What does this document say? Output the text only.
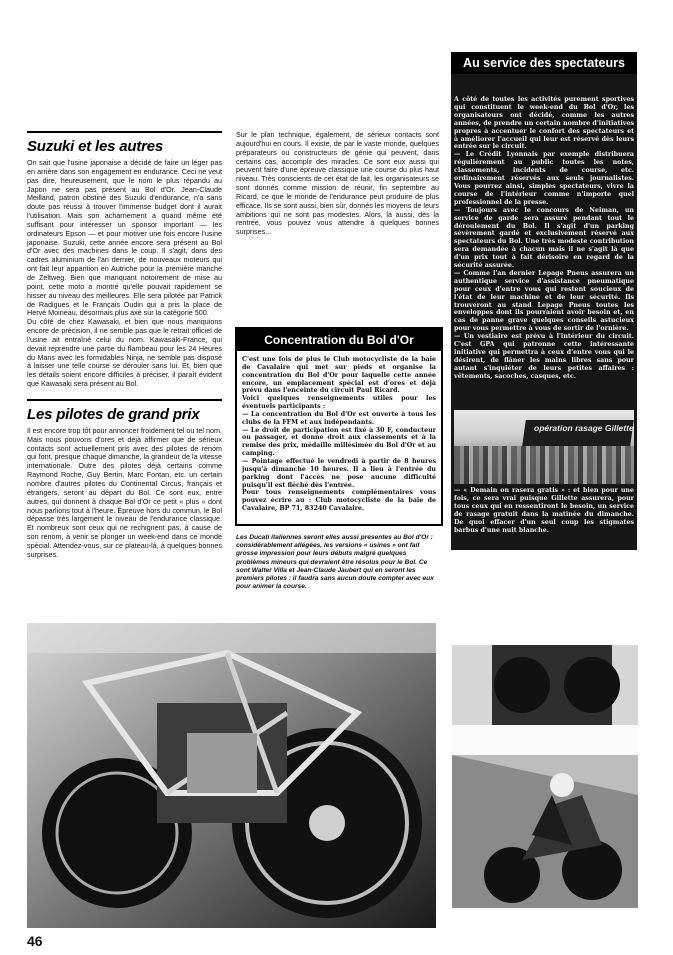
Suzuki et les autres

On sait que l'usine japonaise a décidé de faire un léger pas en arrière dans son engagement en endurance. Ceci ne veut pas dire, heureusement, que le nom le plus répandu au Japon ne sera pas présent au Bol d'Or. Jean-Claude Meilland, patron obstiné des Suzuki d'endurance, n'a sans doute pas réussi à trouver l'immense budget dont il aurait l'utilisation. Mais son acharnement a quand même été suffisant pour intéresser un sponsor important — les ordinateurs Epson — et pour motiver une fois encore l'usine japonaise. Suzuki, cette année encore sera présent au Bol d'Or avec des machines dans le coup. Il s'agit, dans des cadres aluminium de l'an dernier, de nouveaux moteurs qui ont fait leur apparition en Autriche pour la première manche de Zeltweg. Bien que manquant notoirement de mise au point, cette moto a montré qu'elle pouvait rapidement se hisser au niveau des meilleures. Elle sera pilotée par Patrick de Radigues et le Français Oudin qui a pris la place de Hervé Moineau, désormais plus axé sur la catégorie 500.

Du côté de chez Kawasaki, et bien que nous manquions encore de précision, il ne semble pas que le retrait officiel de l'usine ait entraîné celui du nom. Kawasaki-France, qui devait reprendre une partie du flambeau pour les 24 Heures du Mans avec les formidables Ninja, ne semble pas disposé à laisser une telle course se dérouler sans lui. Et, bien que les détails soient encore difficiles à préciser, il paraît évident que Kawasaki sera présent au Bol.

Les pilotes de grand prix

Il est encore trop tôt pour annoncer froidement tel ou tel nom. Mais nous pouvons d'ores et déjà affirmer que de sérieux contacts sont actuellement pris avec des pilotes de renom qui font, presque chaque dimanche, la grandeur de la vitesse internationale. Outre des pilotes déjà certains comme Raymond Roche, Guy Bertin, Marc Fontan, etc. un certain nombre d'autres pilotes du Continental Circus, français et étrangers, seront au départ du Bol. Ce sont eux, entre autres, qui donnent à chaque Bol d'Or ce petit « plus » dont nous parlions tout à l'heure. Épreuve hors du commun, le Bol dépasse très largement le niveau de l'endurance classique. Et nombreux sont ceux qui ne rechignent pas, à cause de son renom, à venir se plonger un week-end dans ce monde spécial. Attendez-vous, sur ce plateau-là, à quelques bonnes surprises.

Sur le plan technique, également, de sérieux contacts sont aujourd'hui en cours. Il existe, de par le vaste monde, quelques préparateurs ou constructeurs de génie qui peuvent, dans certains cas, accomplir des miracles. Ce sont eux aussi qui peuvent faire d'une épreuve classique une course du plus haut niveau. Très conscients de cet état de fait, les organisateurs se sont donnés comme mission de réunir, fin septembre au Ricard, ce que le monde de l'endurance peut produire de plus efficace. Ils se sont aussi, bien sûr, donnés les moyens de leurs ambitions qui ne sont pas modestes. Alors, là aussi, dès la rentrée, vous pouvez vous attendre à quelques bonnes surprises...

Concentration du Bol d'Or

C'est une fois de plus le Club motocycliste de la baie de Cavalaire qui met sur pieds et organise la concentration du Bol d'Or pour laquelle cette année encore, un emplacement spécial est d'ores et déjà prévu dans l'enceinte du circuit Paul Ricard.

Voici quelques renseignements utiles pour les éventuels participants :

— La concentration du Bol d'Or est ouverte à tous les clubs de la FFM et aux indépendants.

— Le droit de participation est fixé à 30 F, conducteur ou passager, et donne droit aux classements et à la remise des prix, médaille millésimée du Bol d'Or et au camping.

— Pointage effectué le vendredi à partir de 8 heures jusqu'à dimanche 10 heures. Il a lieu à l'entrée du parking dont l'accès ne pose aucune difficulté puisqu'il est fléché dès l'entrée.

Pour tous renseignements complémentaires vous pouvez écrire au : Club motocycliste de la baie de Cavalaire, BP 71, 83240 Cavalaire.

Les Ducati italiennes seront elles aussi présentes au Bol d'Or : considérablement allégées, les versions « usines » ont fait grosse impression pour leurs débuts malgré quelques problèmes mineurs qui devraient être résolus pour le Bol. Ce sont Walter Villa et Jean-Claude Jaubert qui en seront les premiers pilotes : il faudra sans aucun doute compter avec eux pour animer la course.
Au service des spectateurs

A côté de toutes les activités purement sportives qui constituent le week-end du Bol d'Or, les organisateurs ont décidé, comme les autres années, de prendre un certain nombre d'initiatives propres à accentuer le confort des spectateurs et à améliorer l'accueil qui leur est réservé dès leurs entrée sur le circuit.

— Le Crédit Lyonnais par exemple distribuera régulièrement au public toutes les notes, classements, incidents de course, etc. ordinairement réservés aux seuls journalistes. Vous pourrez ainsi, simples spectateurs, vivre la course de l'intérieur comme n'importe quel professionnel de la presse.

— Toujours avec le concours de Neiman, un service de garde sera assuré pendant tout le déroulement du Bol. Il s'agit d'un parking sévèrement gardé et exclusivement réservé aux spectateurs du Bol. Une très modeste contribution sera demandée à chacun mais il ne s'agit là que d'un prix tout à fait dérisoire en regard de la sécurité assurée.

— Comme l'an dernier Lepage Pneus assurera un authentique service d'assistance pneumatique pour ceux d'entre vous qui restent soucieux de l'état de leur machine et de leur sécurité. Ils trouveront au stand Lepage Pneus toutes les enveloppes dont ils pourraient avoir besoin et, en cas de panne grave quelques conseils astucieux pour vous permettre à vous de sortir de l'ornière.

— Un vestiaire est prévu à l'intérieur du circuit. C'est GPA qui patronne cette intéressante initiative qui permettra à ceux d'entre vous qui le désirent, de flâner les mains libres sans pour autant s'inquiéter de leurs petites affaires : vêtements, sacoches, casques, etc.

opération rasage Gillette

— « Demain on rasera gratis » : et bien pour une fois, ce sera vrai puisque Gillette assurera, pour tous ceux qui en ressentiront le besoin, un service de rasage gratuit dans la matinée du dimanche. De quoi effacer d'un seul coup les stigmates barbus d'une nuit blanche.

46
